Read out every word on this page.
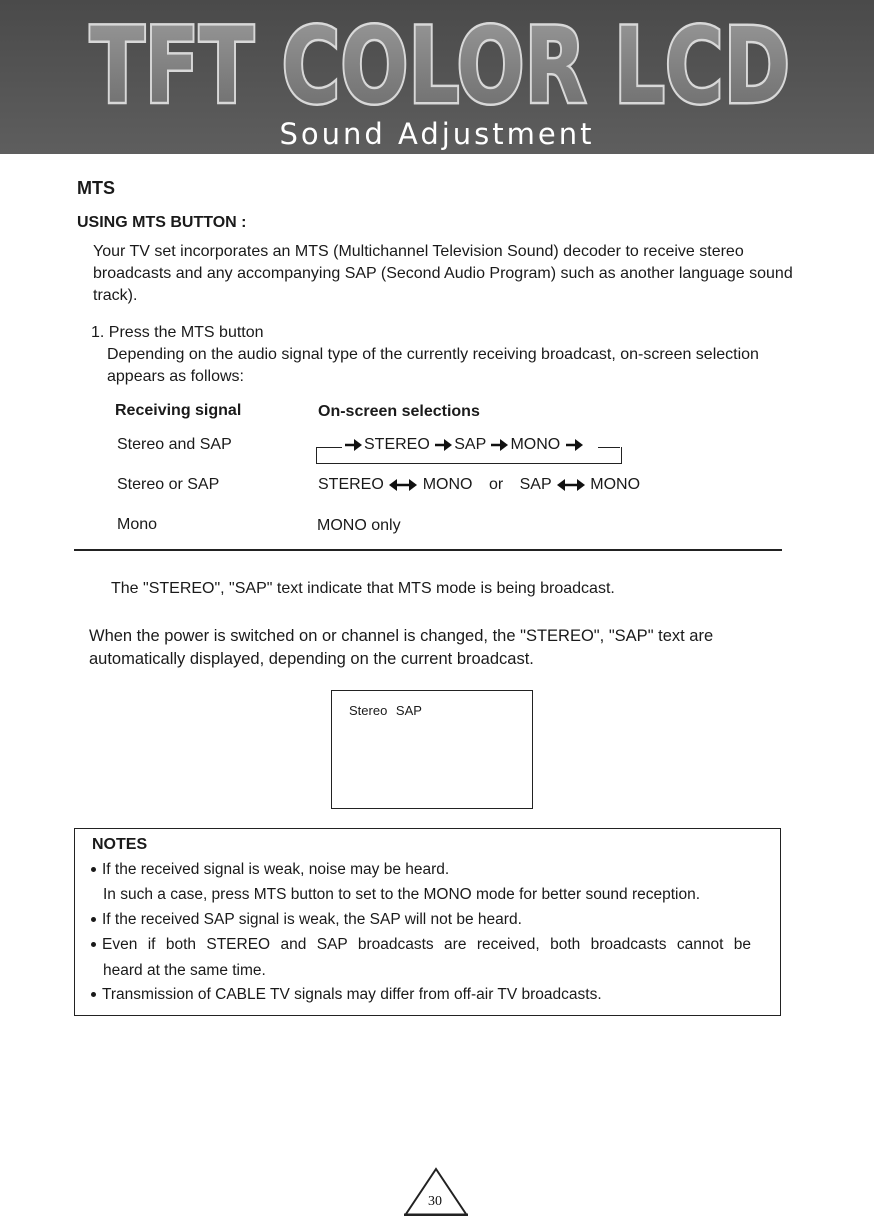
TFT COLOR LCD
Sound Adjustment
MTS
USING MTS BUTTON :
Your TV set incorporates an MTS (Multichannel Television Sound) decoder to receive stereo broadcasts and any accompanying SAP (Second Audio Program) such as another language sound track).
1. Press the MTS button
Depending on the audio signal type of the currently receiving broadcast, on-screen selection appears as follows:
Receiving signal	On-screen selections
Stereo and SAP	STEREO SAP MONO
Stereo or SAP	STEREO MONO or SAP MONO
Mono	MONO only
The "STEREO", "SAP" text indicate that MTS mode is being broadcast.
When the power is switched on or channel is changed, the "STEREO", "SAP" text are automatically displayed, depending on the current broadcast.
Stereo SAP
NOTES
If the received signal is weak, noise may be heard.
In such a case, press MTS button to set to the MONO mode for better sound reception.
If the received SAP signal is weak, the SAP will not be heard.
Even if both STEREO and SAP broadcasts are received, both broadcasts cannot be
heard at the same time.
Transmission of CABLE TV signals may differ from off-air TV broadcasts.
30
